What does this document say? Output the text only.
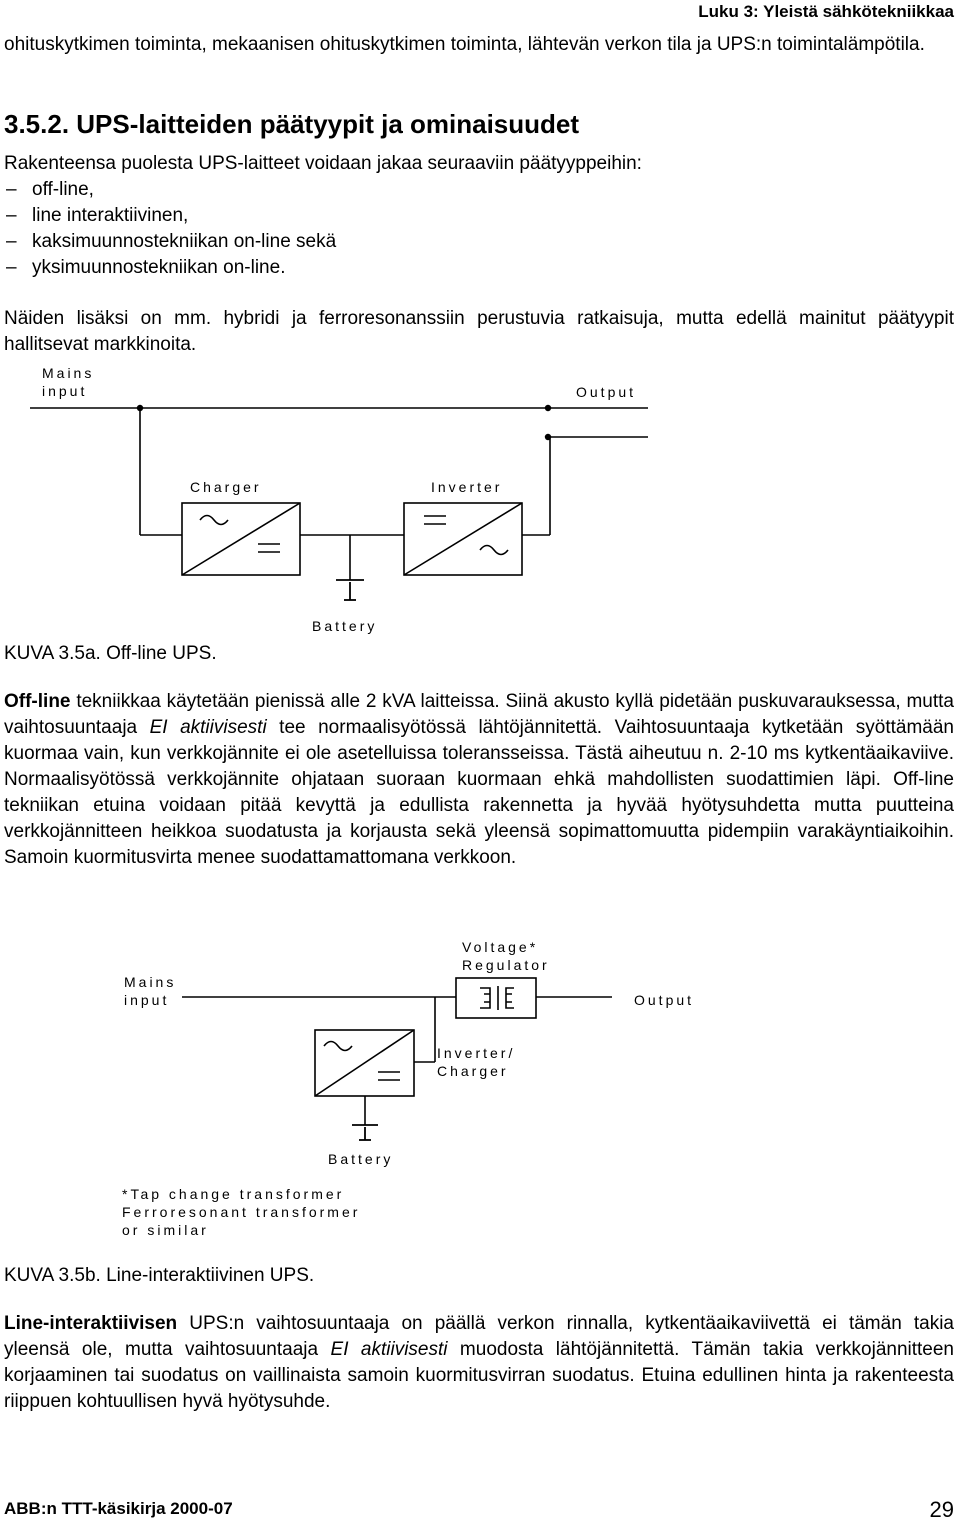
Luku 3: Yleistä sähkötekniikkaa
ohituskytkimen toiminta, mekaanisen ohituskytkimen toiminta, lähtevän verkon tila ja UPS:n toimintalämpötila.
3.5.2. UPS-laitteiden päätyypit ja ominaisuudet
Rakenteensa puolesta UPS-laitteet voidaan jakaa seuraaviin päätyyppeihin:
– off-line,
– line interaktiivinen,
– kaksimuunnostekniikan on-line sekä
– yksimuunnostekniikan on-line.
Näiden lisäksi on mm. hybridi ja ferroresonanssiin perustuvia ratkaisuja, mutta edellä mainitut päätyypit hallitsevat markkinoita.
Mains
input	Output
Charger	Inverter
Battery
KUVA 3.5a. Off-line UPS.
Off-line tekniikkaa käytetään pienissä alle 2 kVA laitteissa. Siinä akusto kyllä pidetään puskuvarauksessa, mutta vaihtosuuntaaja EI aktiivisesti tee normaalisyötössä lähtöjännitettä. Vaihtosuuntaaja kytketään syöttämään kuormaa vain, kun verkkojännite ei ole asetelluissa toleransseissa. Tästä aiheutuu n. 2-10 ms kytkentäaikaviive. Normaalisyötössä verkkojännite ohjataan suoraan kuormaan ehkä mahdollisten suodattimien läpi. Off-line tekniikan etuina voidaan pitää kevyttä ja edullista rakennetta ja hyvää hyötysuhdetta mutta puutteina verkkojännitteen heikkoa suodatusta ja korjausta sekä yleensä sopimattomuutta pidempiin varakäyntiaikoihin. Samoin kuormitusvirta menee suodattamattomana verkkoon.
Voltage*
Regulator
Mains
input	Output
Inverter/
Charger
Battery
*Tap change transformer
Ferroresonant transformer
or similar
KUVA 3.5b. Line-interaktiivinen UPS.
Line-interaktiivisen UPS:n vaihtosuuntaaja on päällä verkon rinnalla, kytkentäaikaviivettä ei tämän takia yleensä ole, mutta vaihtosuuntaaja EI aktiivisesti muodosta lähtöjännitettä. Tämän takia verkkojännitteen korjaaminen tai suodatus on vaillinaista samoin kuormitusvirran suodatus. Etuina edullinen hinta ja rakenteesta riippuen kohtuullisen hyvä hyötysuhde.
ABB:n TTT-käsikirja 2000-07	29
